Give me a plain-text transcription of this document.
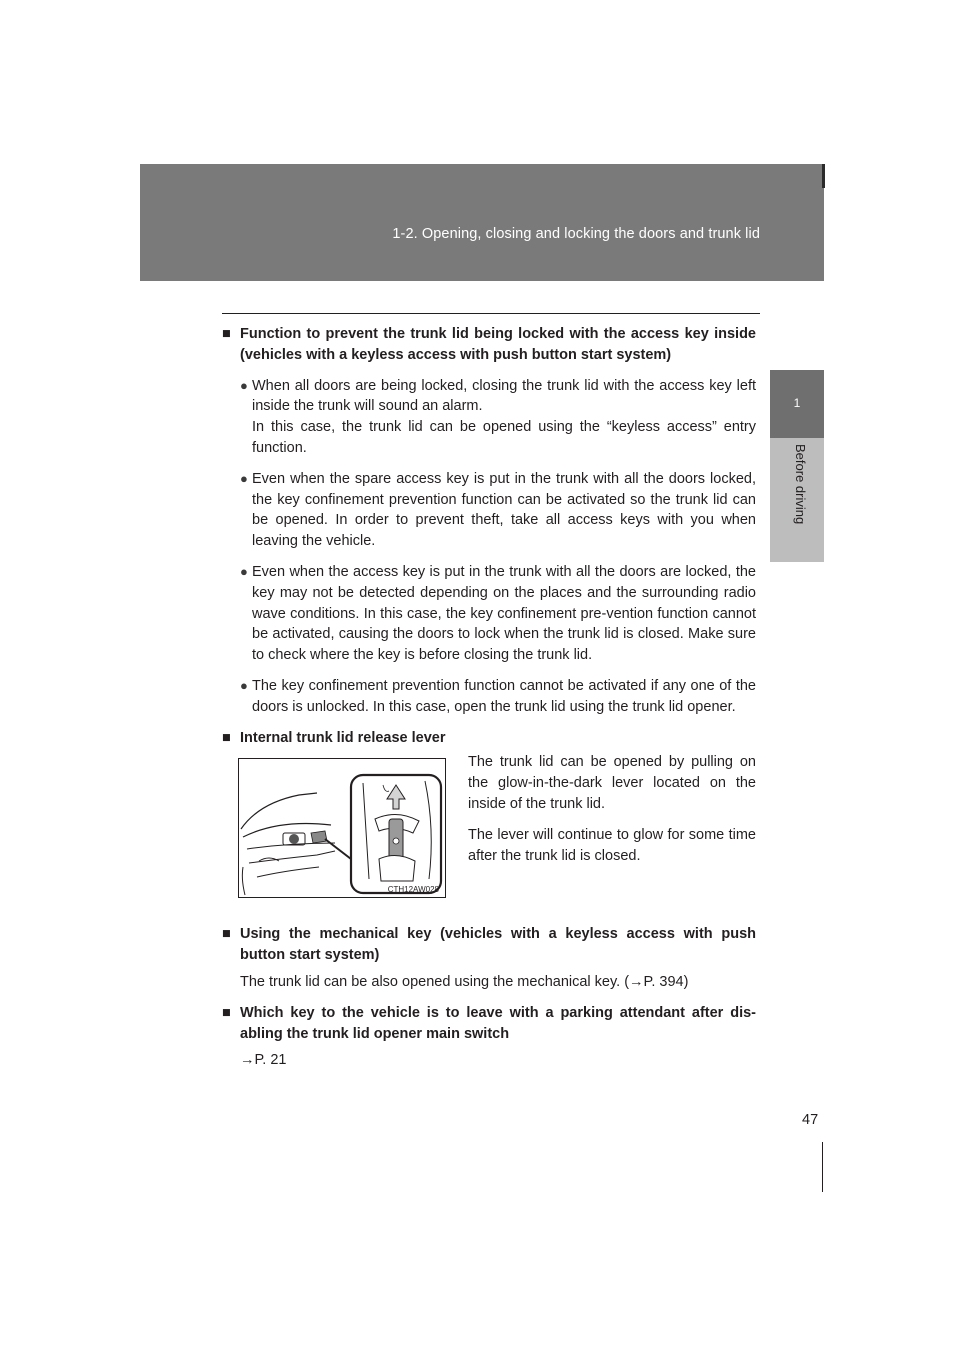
1-2. Opening, closing and locking the doors and trunk lid
1
Before driving
■ Function to prevent the trunk lid being locked with the access key inside (vehicles with a keyless access with push button start system)
● When all doors are being locked, closing the trunk lid with the access key left inside the trunk will sound an alarm.
In this case, the trunk lid can be opened using the “keyless access” entry function.
● Even when the spare access key is put in the trunk with all the doors locked, the key confinement prevention function can be activated so the trunk lid can be opened. In order to prevent theft, take all access keys with you when leaving the vehicle.
● Even when the access key is put in the trunk with all the doors are locked, the key may not be detected depending on the places and the surrounding radio wave conditions. In this case, the key confinement pre-vention function cannot be activated, causing the doors to lock when the trunk lid is closed. Make sure to check where the key is before closing the trunk lid.
● The key confinement prevention function cannot be activated if any one of the doors is unlocked. In this case, open the trunk lid using the trunk lid opener.
■ Internal trunk lid release lever
CTH12AW028

The trunk lid can be opened by pulling on the glow-in-the-dark lever located on the inside of the trunk lid.

The lever will continue to glow for some time after the trunk lid is closed.

■ Using the mechanical key (vehicles with a keyless access with push button start system)
The trunk lid can be also opened using the mechanical key. (→P. 394)
■ Which key to the vehicle is to leave with a parking attendant after dis-abling the trunk lid opener main switch
→P. 21
47
